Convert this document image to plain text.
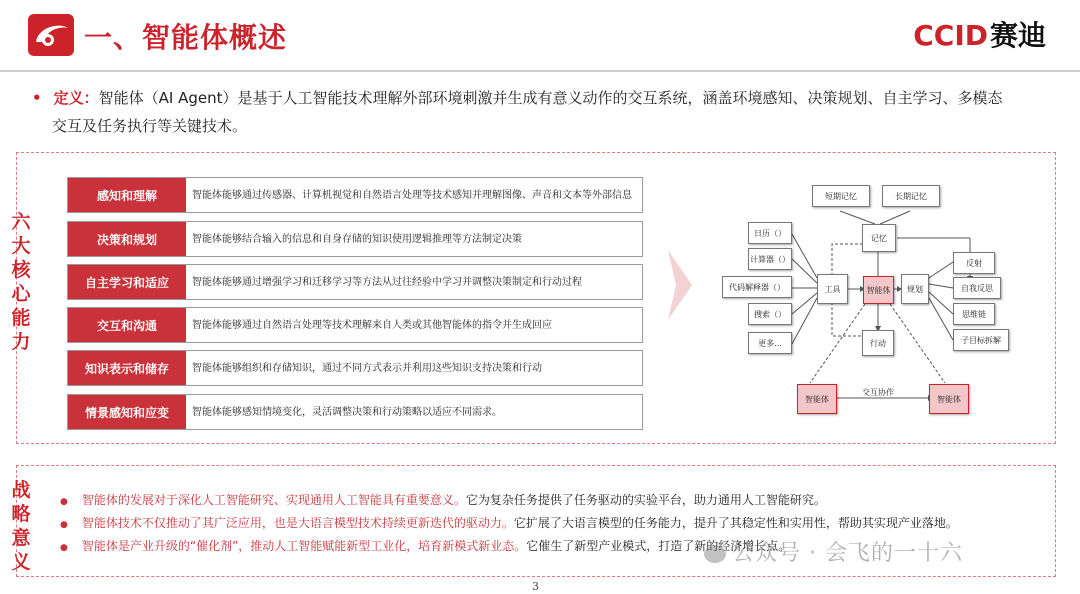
一、智能体概述	CCID赛迪
• 定义：智能体（AI Agent）是基于人工智能技术理解外部环境刺激并生成有意义动作的交互系统，涵盖环境感知、决策规划、自主学习、多模态
交互及任务执行等关键技术。
六
大
核
心
能
力
感知和理解	智能体能够通过传感器、计算机视觉和自然语言处理等技术感知并理解图像、声音和文本等外部信息
决策和规划	智能体能够结合输入的信息和自身存储的知识使用逻辑推理等方法制定决策
自主学习和适应	智能体能够通过增强学习和迁移学习等方法从过往经验中学习并调整决策制定和行动过程
交互和沟通	智能体能够通过自然语言处理等技术理解来自人类或其他智能体的指令并生成回应
知识表示和储存	智能体能够组织和存储知识，通过不同方式表示并利用这些知识支持决策和行动
情景感知和应变	智能体能够感知情境变化，灵活调整决策和行动策略以适应不同需求。
短期记忆	长期记忆
记忆
日历（）
计算器（）
代码解释器（）
搜索（）
更多...
工具	智能体	规划
行动
反射
自我反思
思维链
子目标拆解
智能体	智能体
交互协作
战
略
意
义
● 智能体的发展对于深化人工智能研究、实现通用人工智能具有重要意义。它为复杂任务提供了任务驱动的实验平台，助力通用人工智能研究。
● 智能体技术不仅推动了其广泛应用，也是大语言模型技术持续更新迭代的驱动力。它扩展了大语言模型的任务能力，提升了其稳定性和实用性，帮助其实现产业落地。
● 智能体是产业升级的“催化剂”，推动人工智能赋能新型工业化，培育新模式新业态。它催生了新型产业模式，打造了新的经济增长点。
公众号 · 会飞的一十六
3
